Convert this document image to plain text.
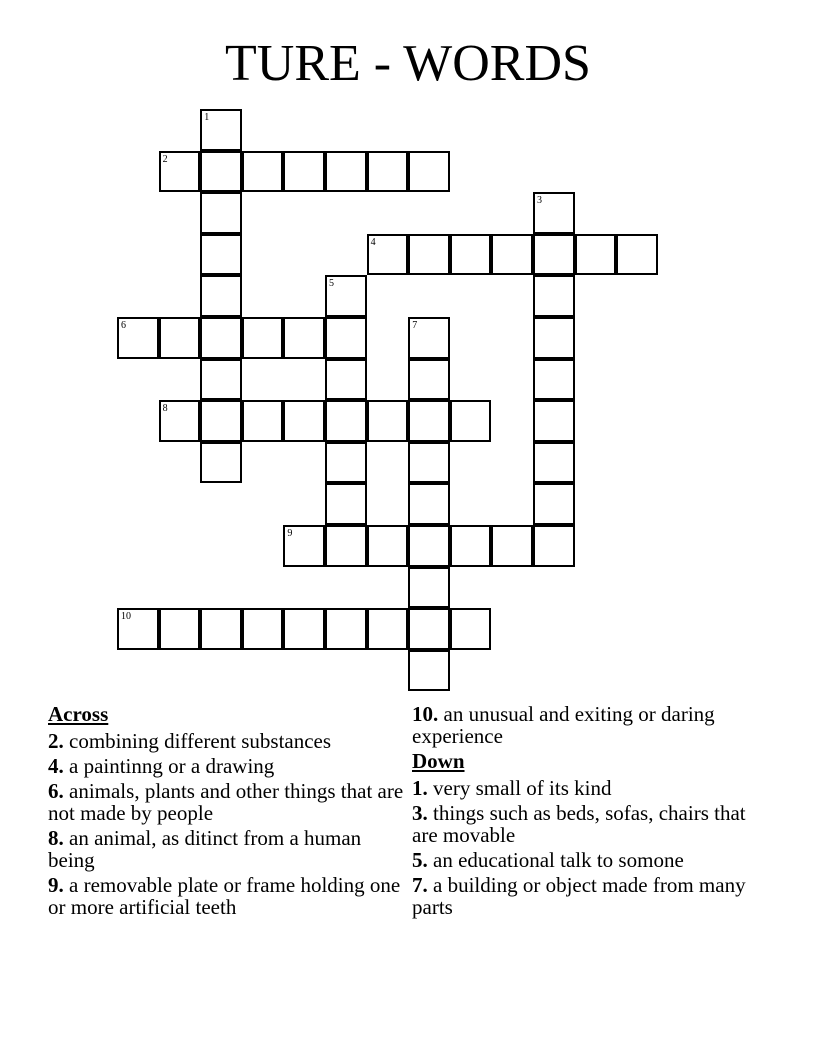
TURE - WORDS
1
2
3
4
5
6	7
8
9
10
Across
2. combining different substances
4. a paintinng or a drawing
6. animals, plants and other things that are not made by people
8. an animal, as ditinct from a human being
9. a removable plate or frame holding one or more artificial teeth
10. an unusual and exiting or daring experience
Down
1. very small of its kind
3. things such as beds, sofas, chairs that are movable
5. an educational talk to somone
7. a building or object made from many parts
